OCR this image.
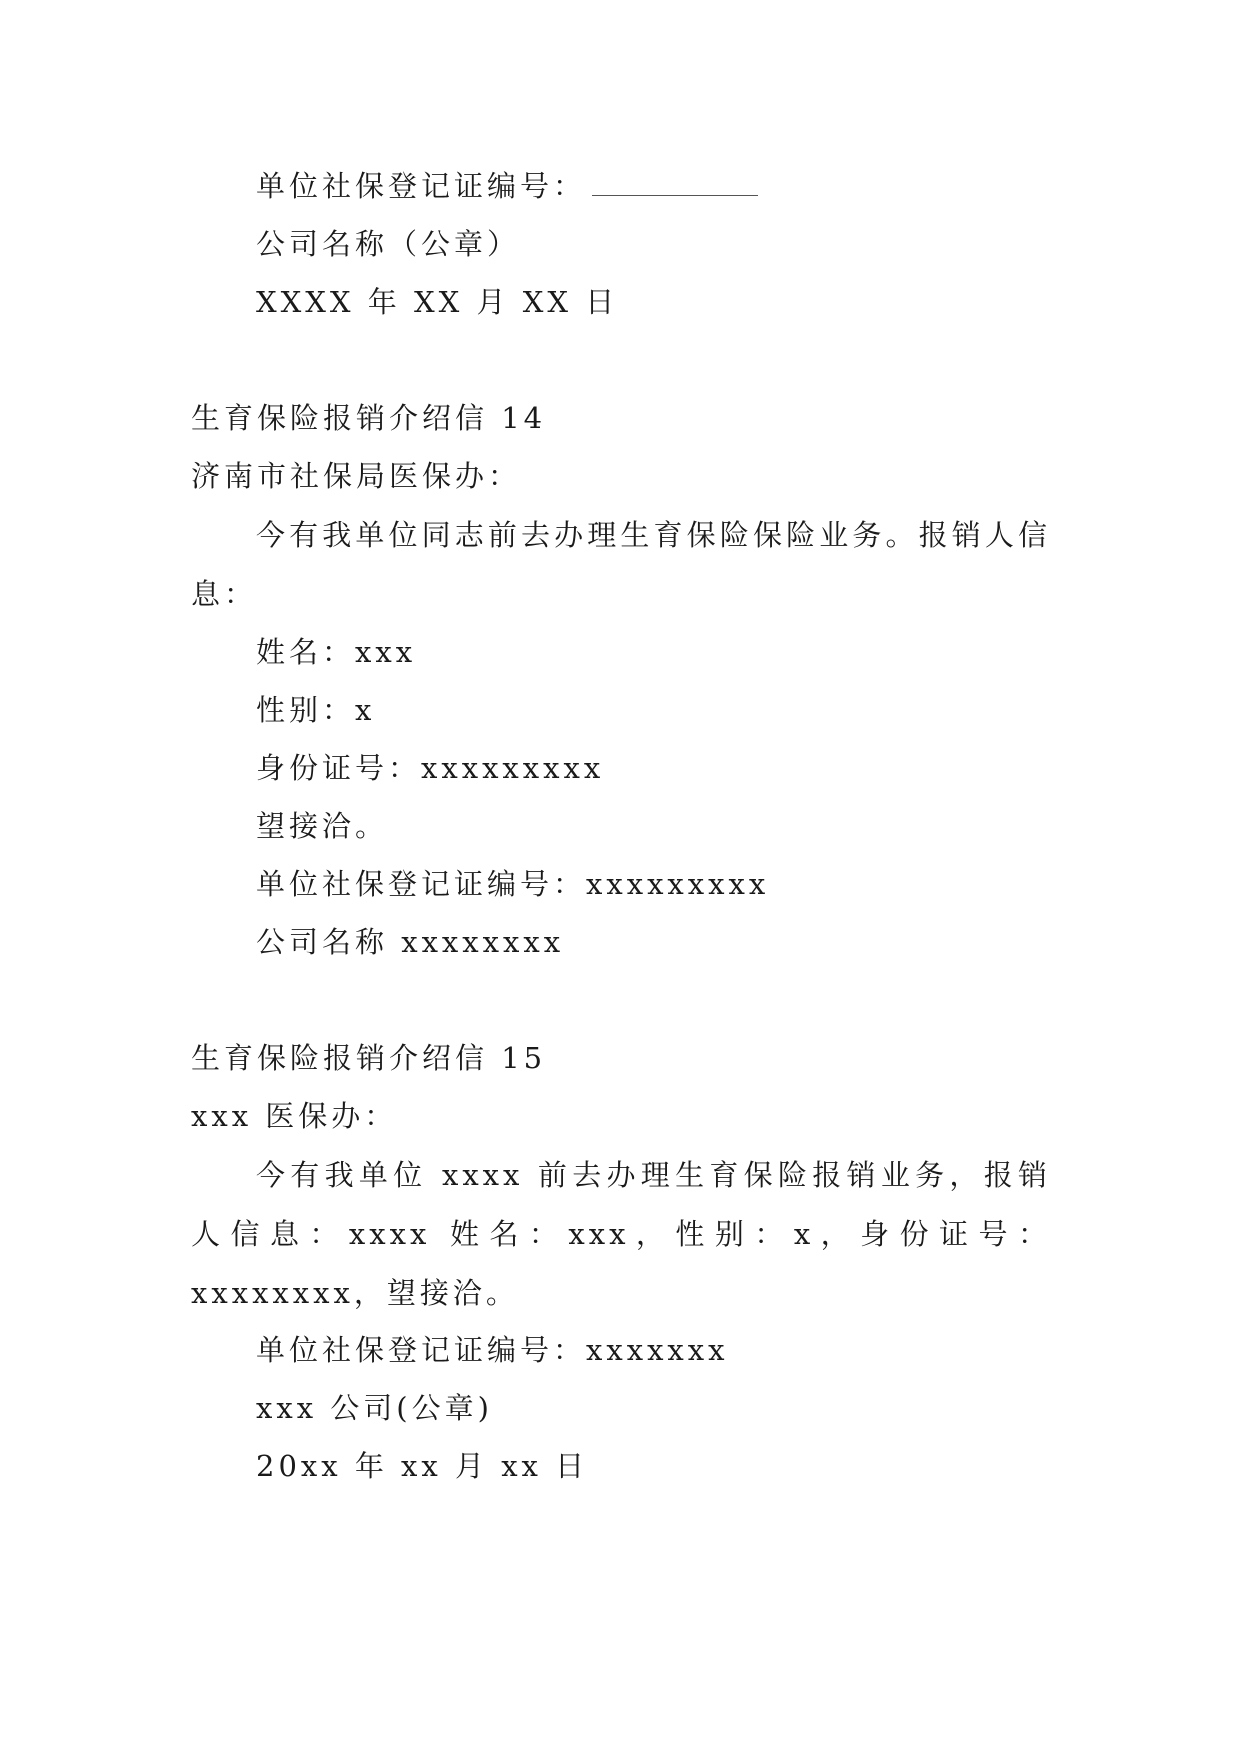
单位社保登记证编号：
公司名称（公章）
XXXX 年 XX 月 XX 日
生育保险报销介绍信 14
济南市社保局医保办：
今有我单位同志前去办理生育保险保险业务。报销人信息：
姓名：xxx
性别：x
身份证号：xxxxxxxxx
望接洽。
单位社保登记证编号：xxxxxxxxx
公司名称 xxxxxxxx
生育保险报销介绍信 15
xxx 医保办：
今有我单位 xxxx 前去办理生育保险报销业务，报销人信息：xxxx 姓名：xxx，性别：x，身份证号：xxxxxxxx，望接洽。
单位社保登记证编号：xxxxxxx
xxx 公司(公章)
20xx 年 xx 月 xx 日
